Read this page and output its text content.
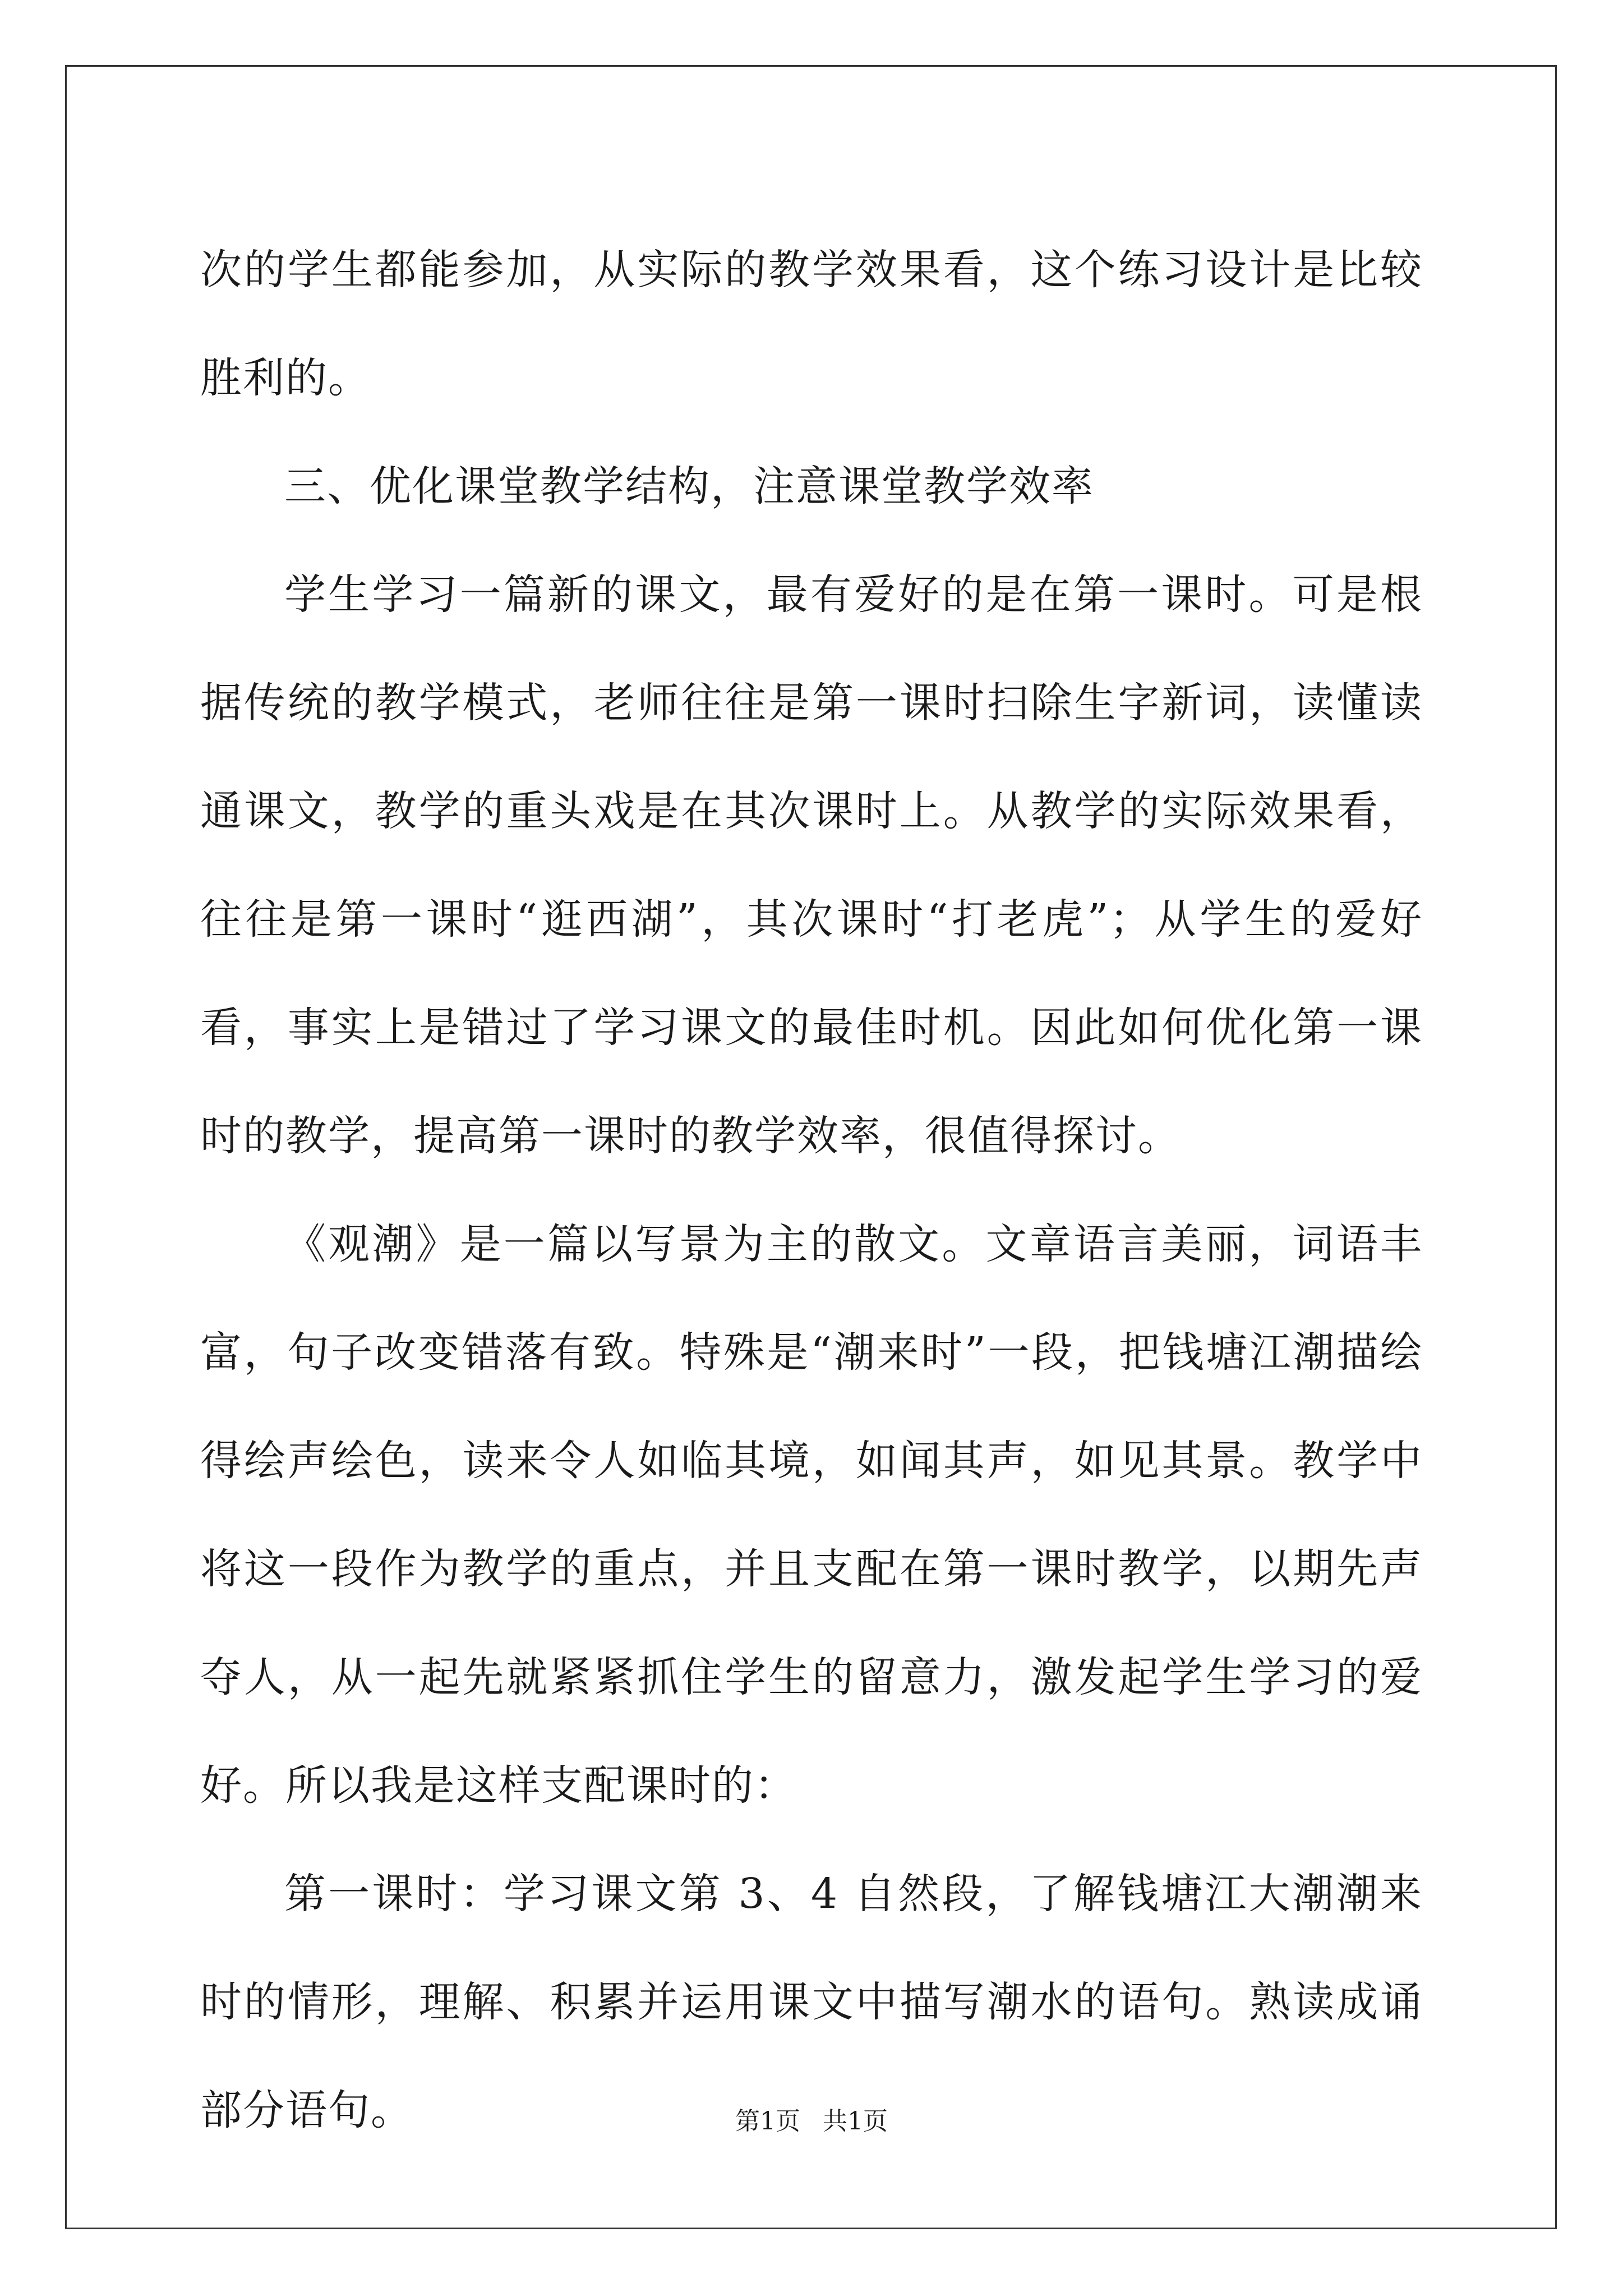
次的学生都能参加，从实际的教学效果看，这个练习设计是比较胜利的。

三、优化课堂教学结构，注意课堂教学效率

学生学习一篇新的课文，最有爱好的是在第一课时。可是根据传统的教学模式，老师往往是第一课时扫除生字新词，读懂读通课文，教学的重头戏是在其次课时上。从教学的实际效果看，往往是第一课时“逛西湖”，其次课时“打老虎”；从学生的爱好看，事实上是错过了学习课文的最佳时机。因此如何优化第一课时的教学，提高第一课时的教学效率，很值得探讨。

《观潮》是一篇以写景为主的散文。文章语言美丽，词语丰富，句子改变错落有致。特殊是“潮来时”一段，把钱塘江潮描绘得绘声绘色，读来令人如临其境，如闻其声，如见其景。教学中将这一段作为教学的重点，并且支配在第一课时教学，以期先声夺人，从一起先就紧紧抓住学生的留意力，激发起学生学习的爱好。所以我是这样支配课时的：

第一课时：学习课文第 3、4 自然段，了解钱塘江大潮潮来时的情形，理解、积累并运用课文中描写潮水的语句。熟读成诵部分语句。	第1页 共1页
